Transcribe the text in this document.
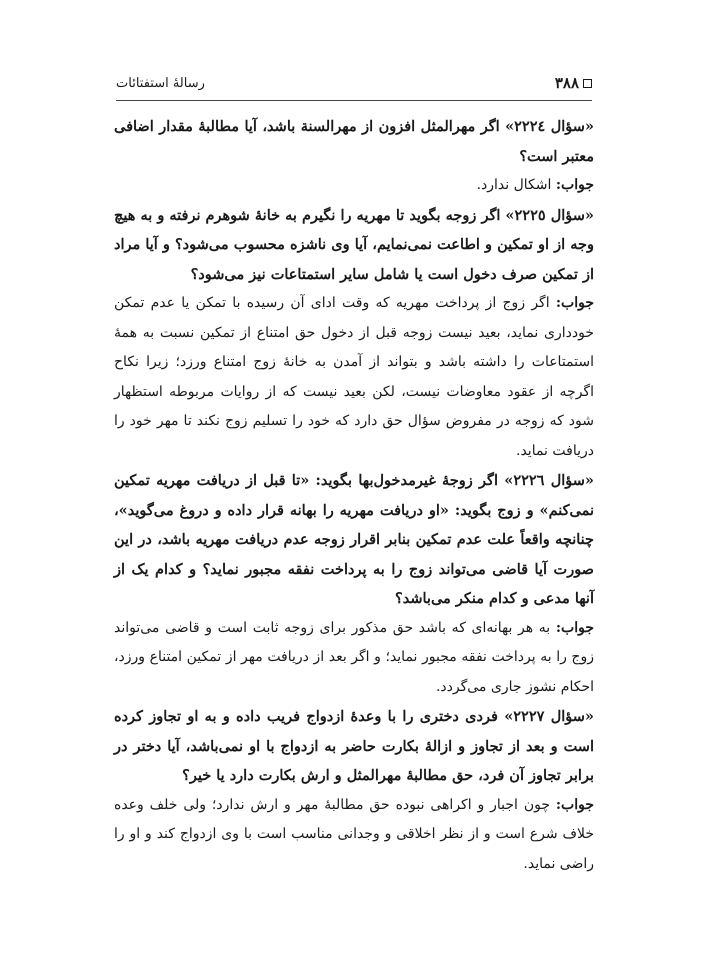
٣٨٨
رسالهٔ استفتائات

«سؤال ٢٢٢٤» اگر مهرالمثل افزون از مهرالسنة باشد، آیا مطالبهٔ مقدار اضافی معتبر است؟

جواب: اشکال ندارد.

«سؤال ٢٢٢٥» اگر زوجه بگوید تا مهریه را نگیرم به خانهٔ شوهرم نرفته و به هیچ وجه از او تمکین و اطاعت نمی‌نمایم، آیا وی ناشزه محسوب می‌شود؟ و آیا مراد از تمکین صرف دخول است یا شامل سایر استمتاعات نیز می‌شود؟

جواب: اگر زوج از پرداخت مهریه که وقت ادای آن رسیده با تمکن یا عدم تمکن خودداری نماید، بعید نیست زوجه قبل از دخول حق امتناع از تمکین نسبت به همهٔ استمتاعات را داشته باشد و بتواند از آمدن به خانهٔ زوج امتناع ورزد؛ زیرا نکاح اگرچه از عقود معاوضات نیست، لکن بعید نیست که از روایات مربوطه استظهار شود که زوجه در مفروض سؤال حق دارد که خود را تسلیم زوج نکند تا مهر خود را دریافت نماید.

«سؤال ٢٢٢٦» اگر زوجهٔ غیرمدخول‌بها بگوید: «تا قبل از دریافت مهریه تمکین نمی‌کنم» و زوج بگوید: «او دریافت مهریه را بهانه قرار داده و دروغ می‌گوید»، چنانچه واقعاً علت عدم تمکین بنابر اقرار زوجه عدم دریافت مهریه باشد، در این صورت آیا قاضی می‌تواند زوج را به پرداخت نفقه مجبور نماید؟ و کدام یک از آنها مدعی و کدام منکر می‌باشد؟

جواب: به هر بهانه‌ای که باشد حق مذکور برای زوجه ثابت است و قاضی می‌تواند زوج را به پرداخت نفقه مجبور نماید؛ و اگر بعد از دریافت مهر از تمکین امتناع ورزد، احکام نشوز جاری می‌گردد.

«سؤال ٢٢٢٧» فردی دختری را با وعدهٔ ازدواج فریب داده و به او تجاوز کرده است و بعد از تجاوز و ازالهٔ بکارت حاضر به ازدواج با او نمی‌باشد، آیا دختر در برابر تجاوز آن فرد، حق مطالبهٔ مهرالمثل و ارش بکارت دارد یا خیر؟

جواب: چون اجبار و اکراهی نبوده حق مطالبهٔ مهر و ارش ندارد؛ ولی خلف وعده خلاف شرع است و از نظر اخلاقی و وجدانی مناسب است با وی ازدواج کند و او را راضی نماید.
